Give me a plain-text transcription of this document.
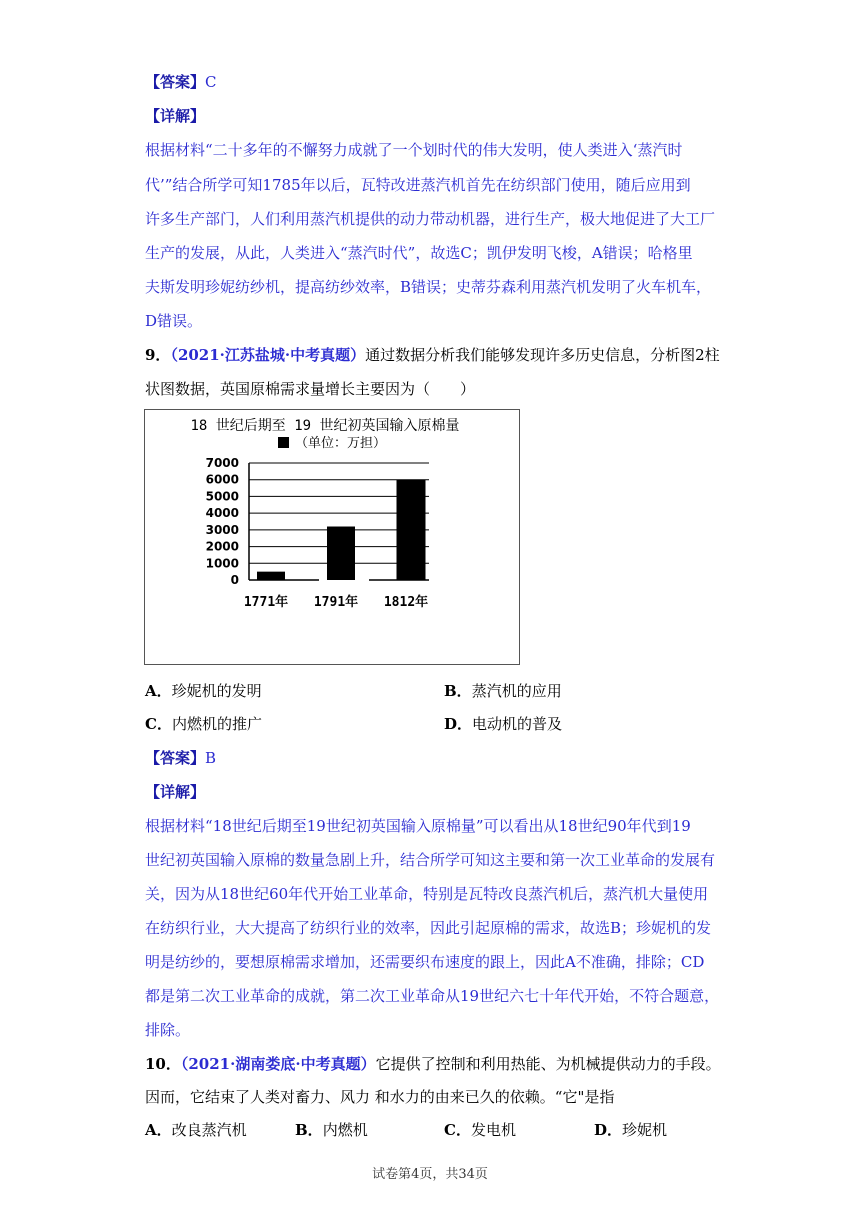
【答案】C
【详解】
根据材料“二十多年的不懈努力成就了一个划时代的伟大发明，使人类进入‘蒸汽时
代’”结合所学可知1785年以后，瓦特改进蒸汽机首先在纺织部门使用，随后应用到
许多生产部门，人们利用蒸汽机提供的动力带动机器，进行生产，极大地促进了大工厂
生产的发展，从此，人类进入“蒸汽时代”，故选C；凯伊发明飞梭，A错误；哈格里
夫斯发明珍妮纺纱机，提高纺纱效率，B错误；史蒂芬森利用蒸汽机发明了火车机车，
D错误。
9．（2021·江苏盐城·中考真题）通过数据分析我们能够发现许多历史信息，分析图2柱
状图数据，英国原棉需求量增长主要因为（　　）
18 世纪后期至 19 世纪初英国输入原棉量
（单位：万担）
0
1000
2000
3000
4000
5000
6000
7000
1771年 1791年 1812年
A．珍妮机的发明	B．蒸汽机的应用
C．内燃机的推广	D．电动机的普及
【答案】B
【详解】
根据材料“18世纪后期至19世纪初英国输入原棉量”可以看出从18世纪90年代到19
世纪初英国输入原棉的数量急剧上升，结合所学可知这主要和第一次工业革命的发展有
关，因为从18世纪60年代开始工业革命，特别是瓦特改良蒸汽机后，蒸汽机大量使用
在纺织行业，大大提高了纺织行业的效率，因此引起原棉的需求，故选B；珍妮机的发
明是纺纱的，要想原棉需求增加，还需要织布速度的跟上，因此A不准确，排除；CD
都是第二次工业革命的成就，第二次工业革命从19世纪六七十年代开始，不符合题意，
排除。
10．（2021·湖南娄底·中考真题）它提供了控制和利用热能、为机械提供动力的手段。
因而，它结束了人类对畜力、风力 和水力的由来已久的依赖。“它"是指
A．改良蒸汽机	B．内燃机	C．发电机	D．珍妮机
试卷第4页，共34页
